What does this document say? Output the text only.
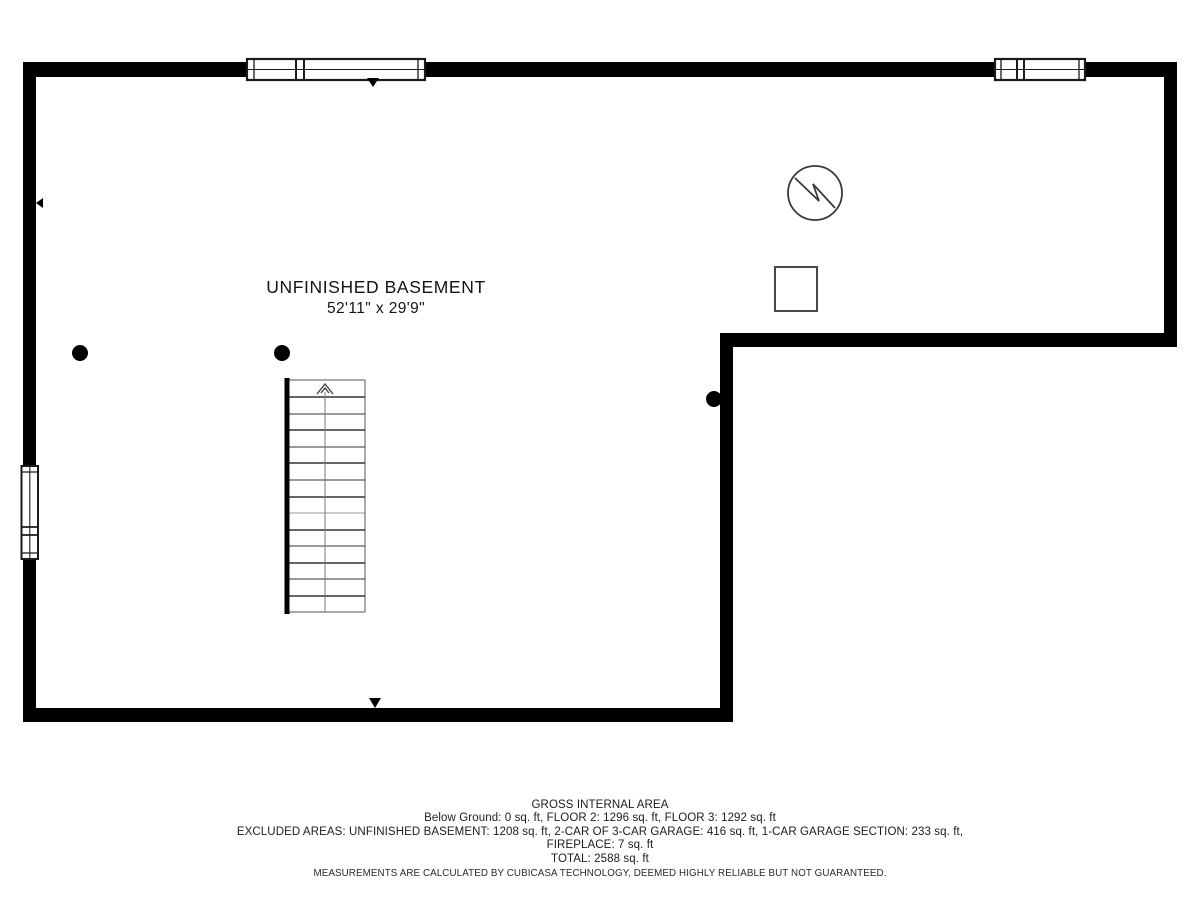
UNFINISHED BASEMENT
52'11" x 29'9"
GROSS INTERNAL AREA
Below Ground: 0 sq. ft, FLOOR 2: 1296 sq. ft, FLOOR 3: 1292 sq. ft
EXCLUDED AREAS: UNFINISHED BASEMENT: 1208 sq. ft, 2-CAR OF 3-CAR GARAGE: 416 sq. ft, 1-CAR GARAGE SECTION: 233 sq. ft,
FIREPLACE: 7 sq. ft
TOTAL: 2588 sq. ft
MEASUREMENTS ARE CALCULATED BY CUBICASA TECHNOLOGY, DEEMED HIGHLY RELIABLE BUT NOT GUARANTEED.
